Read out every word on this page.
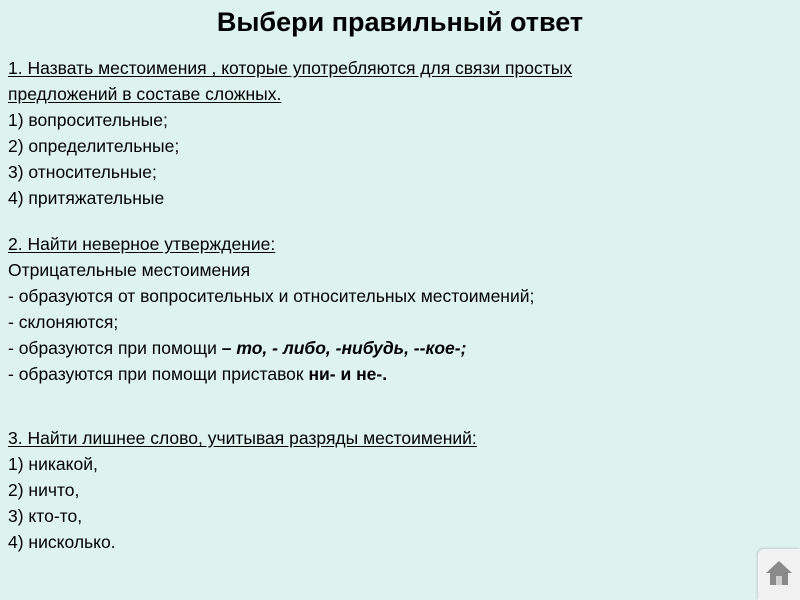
Выбери правильный ответ
1. Назвать местоимения , которые употребляются для связи простых
предложений в составе сложных.
1) вопросительные;
2) определительные;
3) относительные;
4) притяжательные
2. Найти неверное утверждение:
Отрицательные местоимения
- образуются от вопросительных и относительных местоимений;
- склоняются;
- образуются при помощи – то, - либо, -нибудь, --кое-;
- образуются при помощи приставок ни- и не-.
3. Найти лишнее слово, учитывая разряды местоимений:
1) никакой,
2) ничто,
3) кто-то,
4) нисколько.
